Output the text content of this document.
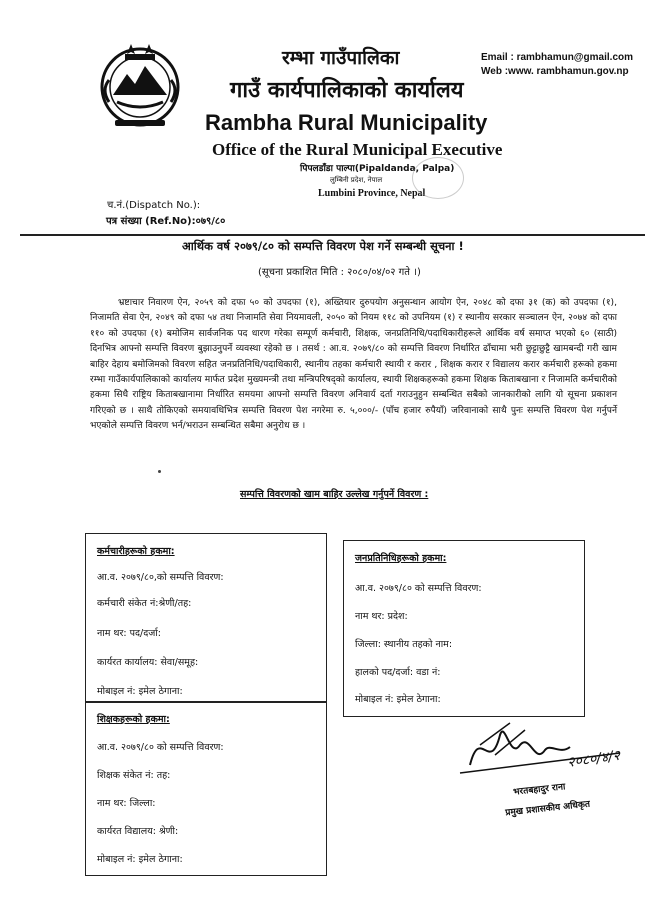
रम्भा गाउँपालिका
गाउँ कार्यपालिकाको कार्यालय
Rambha Rural Municipality
Office of the Rural Municipal Executive
पिपलडाँडा पाल्पा(Pipaldanda, Palpa)
लुम्बिनी प्रदेश, नेपाल
Lumbini Province, Nepal
Email : rambhamun@gmail.com
Web :www. rambhamun.gov.np
च.नं.(Dispatch No.):
पत्र संख्या (Ref.No):०७९/८०
आर्थिक वर्ष २०७९/८० को सम्पत्ति विवरण पेश गर्ने सम्बन्धी सूचना !
(सूचना प्रकाशित मिति : २०८०/०४/०२ गते ।)

भ्रष्टाचार निवारण ऐन, २०५९ को दफा ५० को उपदफा (१), अख्तियार दुरुपयोग अनुसन्धान आयोग ऐन, २०४८ को दफा ३१ (क) को उपदफा (१), निजामति सेवा ऐन, २०४९ को दफा ५४ तथा निजामति सेवा नियमावली, २०५० को नियम ११८ को उपनियम (१) र स्थानीय सरकार सञ्चालन ऐन, २०७४ को दफा ११० को उपदफा (१) बमोजिम सार्वजनिक पद धारण गरेका सम्पूर्ण कर्मचारी, शिक्षक, जनप्रतिनिधि/पदाधिकारीहरूले आर्थिक वर्ष समाप्त भएको ६० (साठी) दिनभित्र आफ्नो सम्पत्ति विवरण बुझाउनुपर्ने व्यवस्था रहेको छ । तसर्थ : आ.व. २०७९/८० को सम्पत्ति विवरण निर्धारित ढाँचामा भरी छुट्टाछुट्टै खामबन्दी गरी खाम बाहिर देहाय बमोजिमको विवरण सहित जनप्रतिनिधि/पदाधिकारी, स्थानीय तहका कर्मचारी स्थायी र करार , शिक्षक करार र विद्यालय करार कर्मचारी हरूको हकमा रम्भा गाउँकार्यपालिकाको कार्यालय मार्फत प्रदेश मुख्यमन्त्री तथा मन्त्रिपरिषद्को कार्यालय, स्थायी शिक्षकहरूको हकमा शिक्षक किताबखाना र निजामति कर्मचारीको हकमा सिधै राष्ट्रिय किताबखानामा निर्धारित समयमा आफ्नो सम्पत्ति विवरण अनिवार्य दर्ता गराउनुहुन सम्बन्धित सबैको जानकारीको लागि यो सूचना प्रकाशन गरिएको छ । साथै तोकिएको समयावधिभित्र सम्पत्ति विवरण पेश नगरेमा रु. ५,०००/- (पाँच हजार रुपैयाँ) जरिवानाको साथै पुनः सम्पत्ति विवरण पेश गर्नुपर्ने भएकोले सम्पत्ति विवरण भर्न/भराउन सम्बन्धित सबैमा अनुरोध छ ।

सम्पत्ति विवरणको खाम बाहिर उल्लेख गर्नुपर्ने विवरण :
कर्मचारीहरूको हकमा:
आ.व. २०७९/८०,को सम्पत्ति विवरण:
कर्मचारी संकेत नं:श्रेणी/तह:
नाम थर: पद/दर्जा:
कार्यरत कार्यालय: सेवा/समूह:
मोबाइल नं: इमेल ठेगाना:
जनप्रतिनिधिहरूको हकमा:
आ.व. २०७९/८० को सम्पत्ति विवरण:
नाम थर: प्रदेश:
जिल्ला: स्थानीय तहको नाम:
हालको पद/दर्जा: वडा नं:
मोबाइल नं: इमेल ठेगाना:
शिक्षकहरूको हकमा:
आ.व. २०७९/८० को सम्पत्ति विवरण:
शिक्षक संकेत नं: तह:
नाम थर: जिल्ला:
कार्यरत विद्यालय: श्रेणी:
मोबाइल नं: इमेल ठेगाना:
२०८०/४/२
भरतबहादुर राना
प्रमुख प्रशासकीय अधिकृत
